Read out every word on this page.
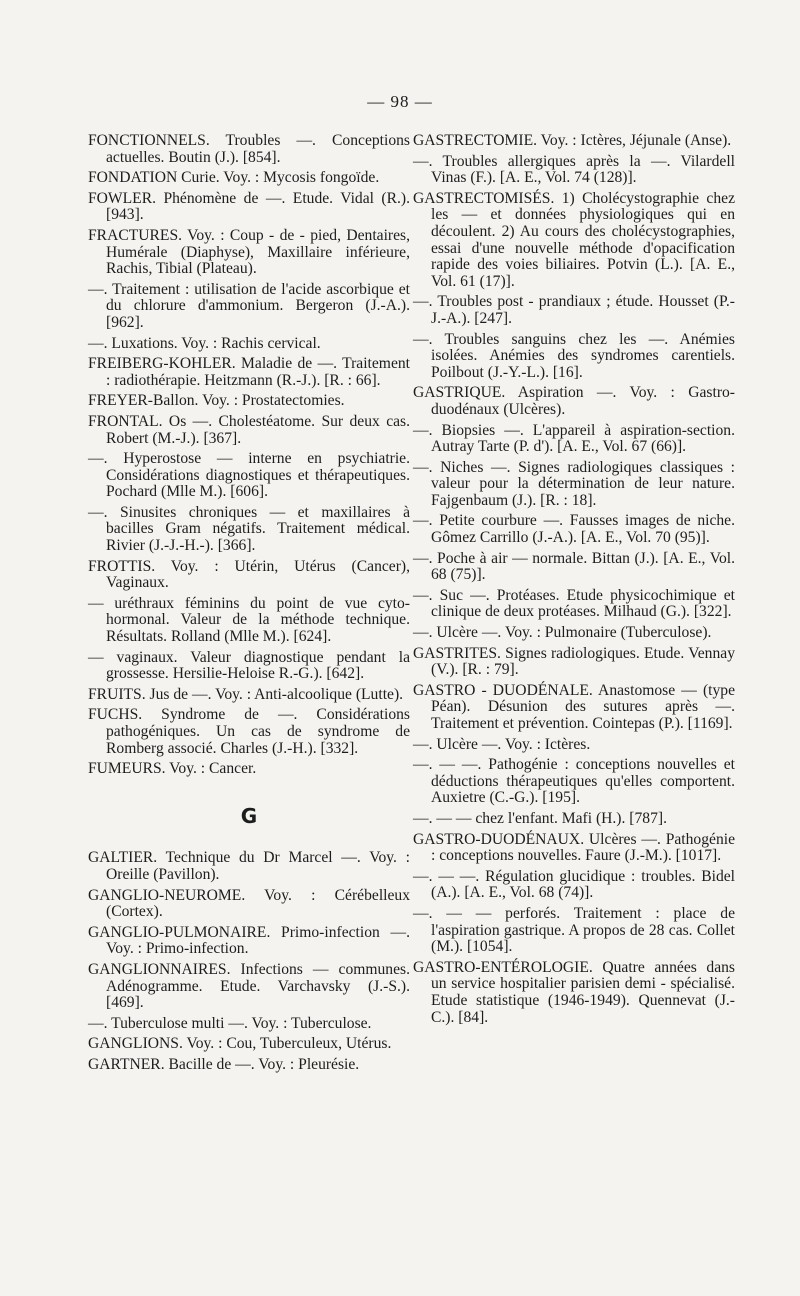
— 98 —

FONCTIONNELS. Troubles —. Conceptions actuelles. Boutin (J.). [854].

FONDATION Curie. Voy. : Mycosis fongoïde.

FOWLER. Phénomène de —. Etude. Vidal (R.). [943].

FRACTURES. Voy. : Coup - de - pied, Dentaires, Humérale (Diaphyse), Maxillaire inférieure, Rachis, Tibial (Plateau).

—. Traitement : utilisation de l'acide ascorbique et du chlorure d'ammonium. Bergeron (J.-A.). [962].

—. Luxations. Voy. : Rachis cervical.

FREIBERG-KOHLER. Maladie de —. Traitement : radiothérapie. Heitzmann (R.-J.). [R. : 66].

FREYER-Ballon. Voy. : Prostatectomies.

FRONTAL. Os —. Cholestéatome. Sur deux cas. Robert (M.-J.). [367].

—. Hyperostose — interne en psychiatrie. Considérations diagnostiques et thérapeutiques. Pochard (Mlle M.). [606].

—. Sinusites chroniques — et maxillaires à bacilles Gram négatifs. Traitement médical. Rivier (J.-J.-H.-). [366].

FROTTIS. Voy. : Utérin, Utérus (Cancer), Vaginaux.

— uréthraux féminins du point de vue cyto-hormonal. Valeur de la méthode technique. Résultats. Rolland (Mlle M.). [624].

— vaginaux. Valeur diagnostique pendant la grossesse. Hersilie-Heloise R.-G.). [642].

FRUITS. Jus de —. Voy. : Anti-alcoolique (Lutte).

FUCHS. Syndrome de —. Considérations pathogéniques. Un cas de syndrome de Romberg associé. Charles (J.-H.). [332].

FUMEURS. Voy. : Cancer.

G

GALTIER. Technique du Dr Marcel —. Voy. : Oreille (Pavillon).

GANGLIO-NEUROME. Voy. : Cérébelleux (Cortex).

GANGLIO-PULMONAIRE. Primo-infection —. Voy. : Primo-infection.

GANGLIONNAIRES. Infections — communes. Adénogramme. Etude. Varchavsky (J.-S.). [469].

—. Tuberculose multi —. Voy. : Tuberculose.

GANGLIONS. Voy. : Cou, Tuberculeux, Utérus.

GARTNER. Bacille de —. Voy. : Pleurésie.

GASTRECTOMIE. Voy. : Ictères, Jéjunale (Anse).

—. Troubles allergiques après la —. Vilardell Vinas (F.). [A. E., Vol. 74 (128)].

GASTRECTOMISÉS. 1) Cholécystographie chez les — et données physiologiques qui en découlent. 2) Au cours des cholécystographies, essai d'une nouvelle méthode d'opacification rapide des voies biliaires. Potvin (L.). [A. E., Vol. 61 (17)].

—. Troubles post - prandiaux ; étude. Housset (P.-J.-A.). [247].

—. Troubles sanguins chez les —. Anémies isolées. Anémies des syndromes carentiels. Poilbout (J.-Y.-L.). [16].

GASTRIQUE. Aspiration —. Voy. : Gastro-duodénaux (Ulcères).

—. Biopsies —. L'appareil à aspiration-section. Autray Tarte (P. d'). [A. E., Vol. 67 (66)].

—. Niches —. Signes radiologiques classiques : valeur pour la détermination de leur nature. Fajgenbaum (J.). [R. : 18].

—. Petite courbure —. Fausses images de niche. Gômez Carrillo (J.-A.). [A. E., Vol. 70 (95)].

—. Poche à air — normale. Bittan (J.). [A. E., Vol. 68 (75)].

—. Suc —. Protéases. Etude physicochimique et clinique de deux protéases. Milhaud (G.). [322].

—. Ulcère —. Voy. : Pulmonaire (Tuberculose).

GASTRITES. Signes radiologiques. Etude. Vennay (V.). [R. : 79].

GASTRO - DUODÉNALE. Anastomose — (type Péan). Désunion des sutures après —. Traitement et prévention. Cointepas (P.). [1169].

—. Ulcère —. Voy. : Ictères.

—. — —. Pathogénie : conceptions nouvelles et déductions thérapeutiques qu'elles comportent. Auxietre (C.-G.). [195].

—. — — chez l'enfant. Mafi (H.). [787].

GASTRO-DUODÉNAUX. Ulcères —. Pathogénie : conceptions nouvelles. Faure (J.-M.). [1017].

—. — —. Régulation glucidique : troubles. Bidel (A.). [A. E., Vol. 68 (74)].

—. — — perforés. Traitement : place de l'aspiration gastrique. A propos de 28 cas. Collet (M.). [1054].

GASTRO-ENTÉROLOGIE. Quatre années dans un service hospitalier parisien demi - spécialisé. Etude statistique (1946-1949). Quennevat (J.-C.). [84].
